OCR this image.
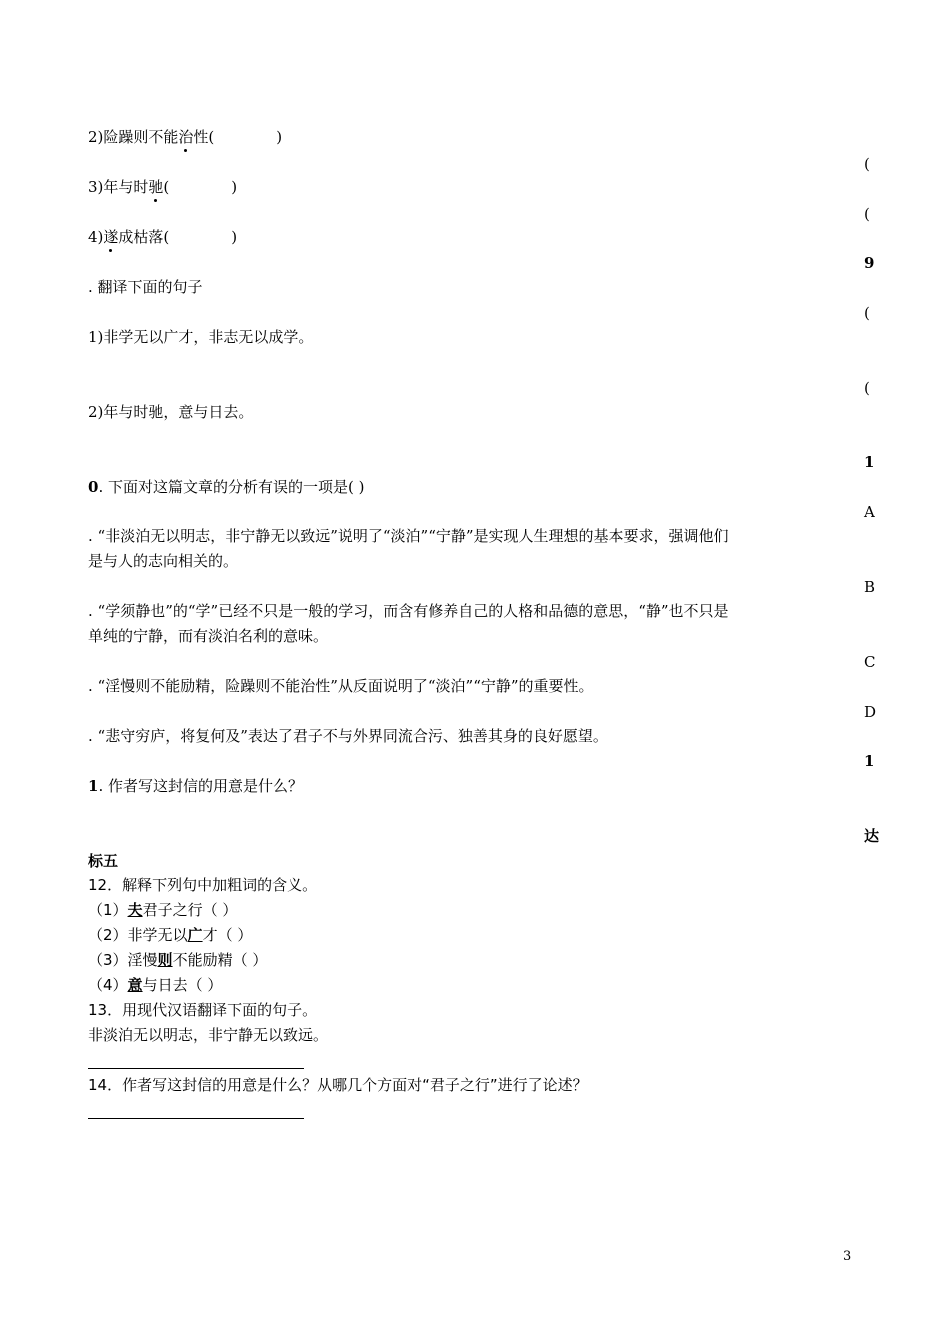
2)险躁则不能治性(	)
3)年与时驰(	)
4)遂成枯落(	)
. 翻译下面的句子
1)非学无以广才，非志无以成学。
2)年与时驰，意与日去。
0. 下面对这篇文章的分析有误的一项是( )
. “非淡泊无以明志，非宁静无以致远”说明了“淡泊”“宁静”是实现人生理想的基本要求，强调他们
是与人的志向相关的。
. “学须静也”的“学”已经不只是一般的学习，而含有修养自己的人格和品德的意思，“静”也不只是
单纯的宁静，而有淡泊名利的意味。
. “淫慢则不能励精，险躁则不能治性”从反面说明了“淡泊”“宁静”的重要性。
. “悲守穷庐，将复何及”表达了君子不与外界同流合污、独善其身的良好愿望。
1. 作者写这封信的用意是什么？
(
(
9
(
(
1
A
B
C
D
1
达
标五
12．解释下列句中加粗词的含义。
（1）夫君子之行（ ）
（2）非学无以广才（ ）
（3）淫慢则不能励精（ ）
（4）意与日去（ ）
13．用现代汉语翻译下面的句子。
非淡泊无以明志，非宁静无以致远。
14．作者写这封信的用意是什么？从哪几个方面对“君子之行”进行了论述？
3
